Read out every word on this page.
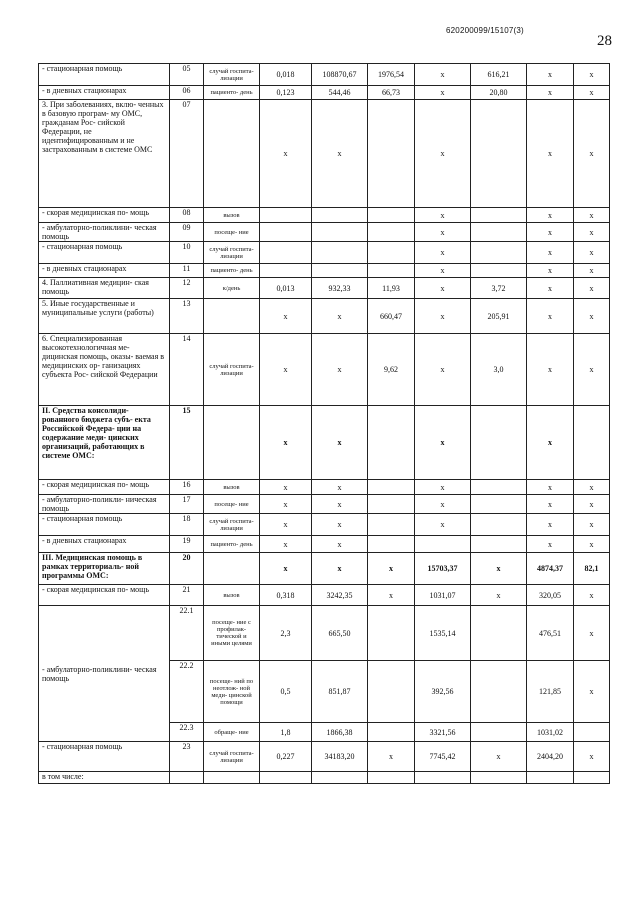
620200099/15107(3)
28
- стационарная помощь	05	случай госпита- лизации	0,018	108870,67	1976,54	x	616,21	x	x
- в дневных стационарах	06	пациенто- день	0,123	544,46	66,73	x	20,80	x	x
3. При заболеваниях, вклю- ченных в базовую програм- му ОМС, гражданам Рос- сийской Федерации, не идентифицированным и не застрахованным в системе ОМС	07		x	x		x		x	x
- скорая медицинская по- мощь	08	вызов				x		x	x
- амбулаторно-поликлини- ческая помощь	09	посеще- ние				x		x	x
- стационарная помощь	10	случай госпита- лизации				x		x	x
- в дневных стационарах	11	пациенто- день				x		x	x
4. Паллиативная медицин- ская помощь	12	к/день	0,013	932,33	11,93	x	3,72	x	x
5. Иные государственные и муниципальные услуги (работы)	13		x	x	660,47	x	205,91	x	x
6. Специализированная высокотехнологичная ме- дицинская помощь, оказы- ваемая в медицинских ор- ганизациях субъекта Рос- сийской Федерации	14	случай госпита- лизации	x	x	9,62	x	3,0	x	x
II. Средства консолиди- рованного бюджета субъ- екта Российской Федера- ции на содержание меди- цинских организаций, работающих в системе ОМС:	15		x	x		x		x	
- скорая медицинская по- мощь	16	вызов	x	x		x		x	x
- амбулаторно-поликли- ническая помощь	17	посеще- ние	x	x		x		x	x
- стационарная помощь	18	случай госпита- лизации	x	x		x		x	x
- в дневных стационарах	19	пациенто- день	x	x				x	x
III. Медицинская помощь в рамках территориаль- ной программы ОМС:	20		x	x	x	15703,37	x	4874,37	82,1
- скорая медицинская по- мощь	21	вызов	0,318	3242,35	x	1031,07	x	320,05	x
- амбулаторно-поликлини- ческая помощь	22.1	посеще- ние с профилак- тической и иными целями	2,3	665,50		1535,14		476,51	x
	22.2	посеще- ний по неотлож- ной меди- цинской помощи	0,5	851,87		392,56		121,85	x
	22.3	обраще- ние	1,8	1866,38		3321,56		1031,02	
- стационарная помощь	23	случай госпита- лизации	0,227	34183,20	x	7745,42	x	2404,20	x
в том числе:									
